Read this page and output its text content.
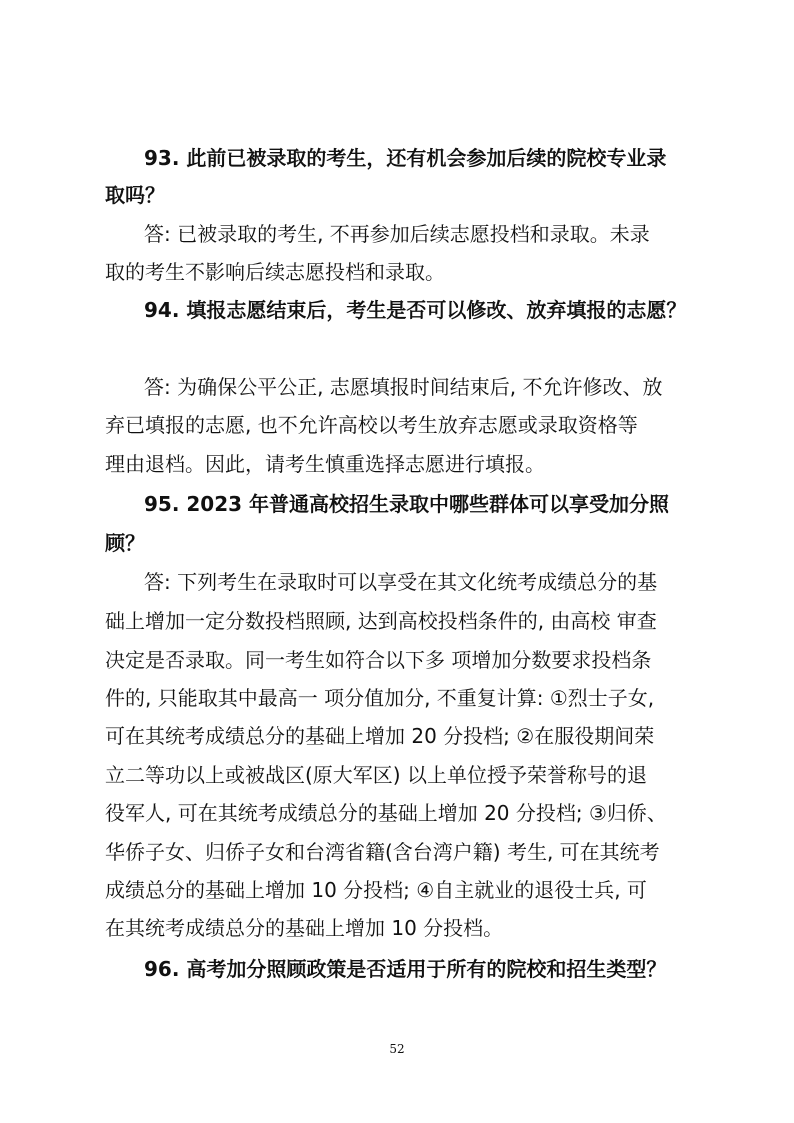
93. 此前已被录取的考生，还有机会参加后续的院校专业录

取吗？

答: 已被录取的考生, 不再参加后续志愿投档和录取。未录

取的考生不影响后续志愿投档和录取。

94. 填报志愿结束后，考生是否可以修改、放弃填报的志愿？

答: 为确保公平公正, 志愿填报时间结束后, 不允许修改、放

弃已填报的志愿, 也不允许高校以考生放弃志愿或录取资格等

理由退档。因此，请考生慎重选择志愿进行填报。

95. 2023 年普通高校招生录取中哪些群体可以享受加分照

顾？

答: 下列考生在录取时可以享受在其文化统考成绩总分的基

础上增加一定分数投档照顾, 达到高校投档条件的, 由高校 审查

决定是否录取。同一考生如符合以下多 项增加分数要求投档条

件的, 只能取其中最高一 项分值加分, 不重复计算: ①烈士子女,

可在其统考成绩总分的基础上增加 20 分投档; ②在服役期间荣

立二等功以上或被战区(原大军区) 以上单位授予荣誉称号的退

役军人, 可在其统考成绩总分的基础上增加 20 分投档; ③归侨、

华侨子女、归侨子女和台湾省籍(含台湾户籍) 考生, 可在其统考

成绩总分的基础上增加 10 分投档; ④自主就业的退役士兵, 可

在其统考成绩总分的基础上增加 10 分投档。

96. 高考加分照顾政策是否适用于所有的院校和招生类型？

52
